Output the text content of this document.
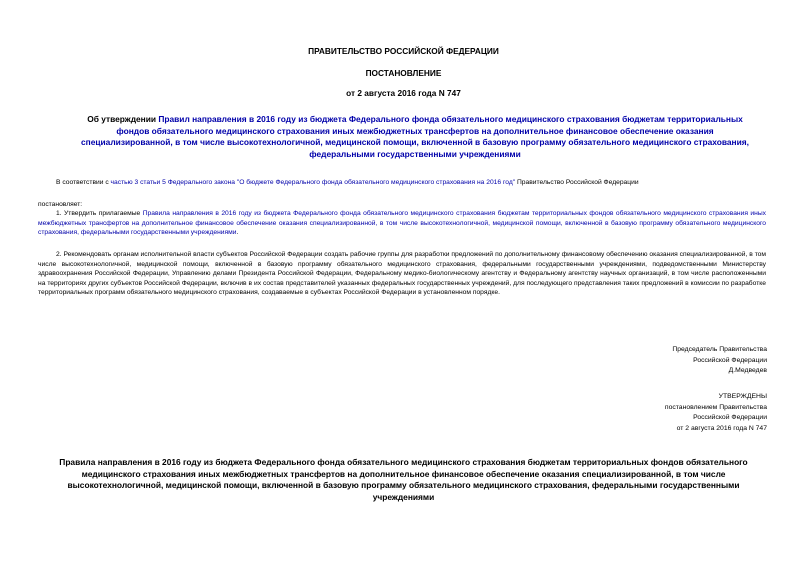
ПРАВИТЕЛЬСТВО РОССИЙСКОЙ ФЕДЕРАЦИИ
ПОСТАНОВЛЕНИЕ
от 2 августа 2016 года N 747
Об утверждении Правил направления в 2016 году из бюджета Федерального фонда обязательного медицинского страхования бюджетам территориальных фондов обязательного медицинского страхования иных межбюджетных трансфертов на дополнительное финансовое обеспечение оказания специализированной, в том числе высокотехнологичной, медицинской помощи, включенной в базовую программу обязательного медицинского страхования, федеральными государственными учреждениями
В соответствии с частью 3 статьи 5 Федерального закона "О бюджете Федерального фонда обязательного медицинского страхования на 2016 год" Правительство Российской Федерации
постановляет:
1. Утвердить прилагаемые Правила направления в 2016 году из бюджета Федерального фонда обязательного медицинского страхования бюджетам территориальных фондов обязательного медицинского страхования иных межбюджетных трансфертов на дополнительное финансовое обеспечение оказания специализированной, в том числе высокотехнологичной, медицинской помощи, включенной в базовую программу обязательного медицинского страхования, федеральными государственными учреждениями.
2. Рекомендовать органам исполнительной власти субъектов Российской Федерации создать рабочие группы для разработки предложений по дополнительному финансовому обеспечению оказания специализированной, в том числе высокотехнологичной, медицинской помощи, включенной в базовую программу обязательного медицинского страхования, федеральными государственными учреждениями, подведомственными Министерству здравоохранения Российской Федерации, Управлению делами Президента Российской Федерации, Федеральному медико-биологическому агентству и Федеральному агентству научных организаций, в том числе расположенными на территориях других субъектов Российской Федерации, включив в их состав представителей указанных федеральных государственных учреждений, для последующего представления таких предложений в комиссии по разработке территориальных программ обязательного медицинского страхования, создаваемые в субъектах Российской Федерации в установленном порядке.
Председатель Правительства
Российской Федерации
Д.Медведев
УТВЕРЖДЕНЫ
постановлением Правительства
Российской Федерации
от 2 августа 2016 года N 747
Правила направления в 2016 году из бюджета Федерального фонда обязательного медицинского страхования бюджетам территориальных фондов обязательного медицинского страхования иных межбюджетных трансфертов на дополнительное финансовое обеспечение оказания специализированной, в том числе высокотехнологичной, медицинской помощи, включенной в базовую программу обязательного медицинского страхования, федеральными государственными учреждениями
